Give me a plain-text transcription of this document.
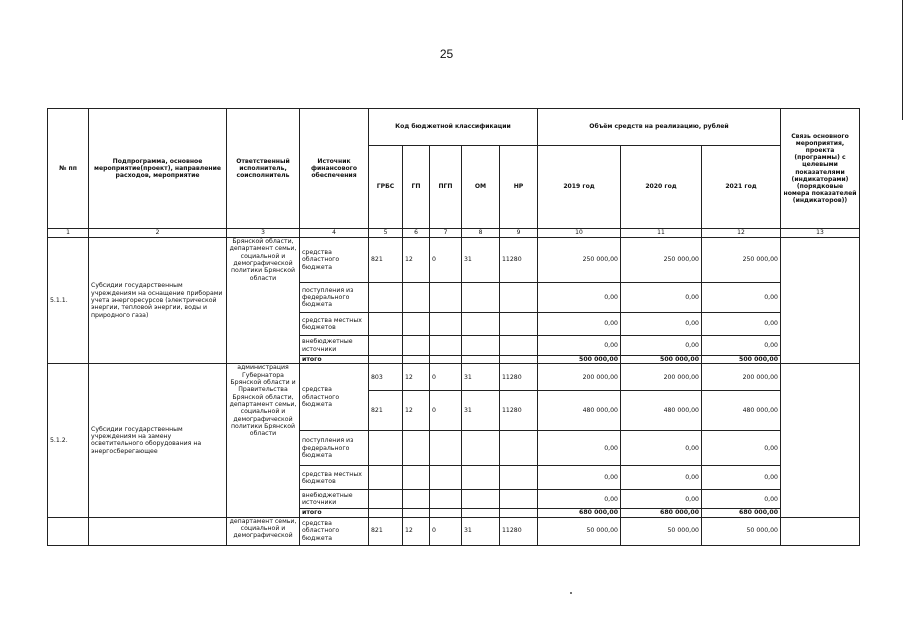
25
№ пп	Подпрограмма, основное мероприятие(проект), направление расходов, мероприятие	Ответственный исполнитель, соисполнитель	Источник финансового обеспечения	Код бюджетной классификации					Объём средств на реализацию, рублей			Связь основного мероприятия, проекта (программы) с целевыми показателями (индикаторами) (порядковые номера показателей (индикаторов))
				ГРБС	ГП	ПГП	ОМ	НР	2019 год	2020 год	2021 год	
1	2	3	4	5	6	7	8	9	10	11	12	13
5.1.1.	Субсидии государственным учреждениям на оснащение приборами учета энергоресурсов (электрической энергии, тепловой энергии, воды и природного газа)	Брянской области, департамент семьи, социальной и демографической политики Брянской области	средства областного бюджета	821	12	0	31	11280	250 000,00	250 000,00	250 000,00	
			поступления из федерального бюджета						0,00	0,00	0,00	
			средства местных бюджетов						0,00	0,00	0,00	
			внебюджетные источники						0,00	0,00	0,00	
			итого						500 000,00	500 000,00	500 000,00	
5.1.2.	Субсидии государственным учреждениям на замену осветительного оборудования на энергосберегающее	администрация Губернатора Брянской области и Правительства Брянской области, департамент семьи, социальной и демографической политики Брянской области	средства областного бюджета	803	12	0	31	11280	200 000,00	200 000,00	200 000,00	
				821	12	0	31	11280	480 000,00	480 000,00	480 000,00	
			поступления из федерального бюджета						0,00	0,00	0,00	
			средства местных бюджетов						0,00	0,00	0,00	
			внебюджетные источники						0,00	0,00	0,00	
			итого						680 000,00	680 000,00	680 000,00	
		департамент семьи, социальной и демографической	средства областного бюджета	821	12	0	31	11280	50 000,00	50 000,00	50 000,00	
